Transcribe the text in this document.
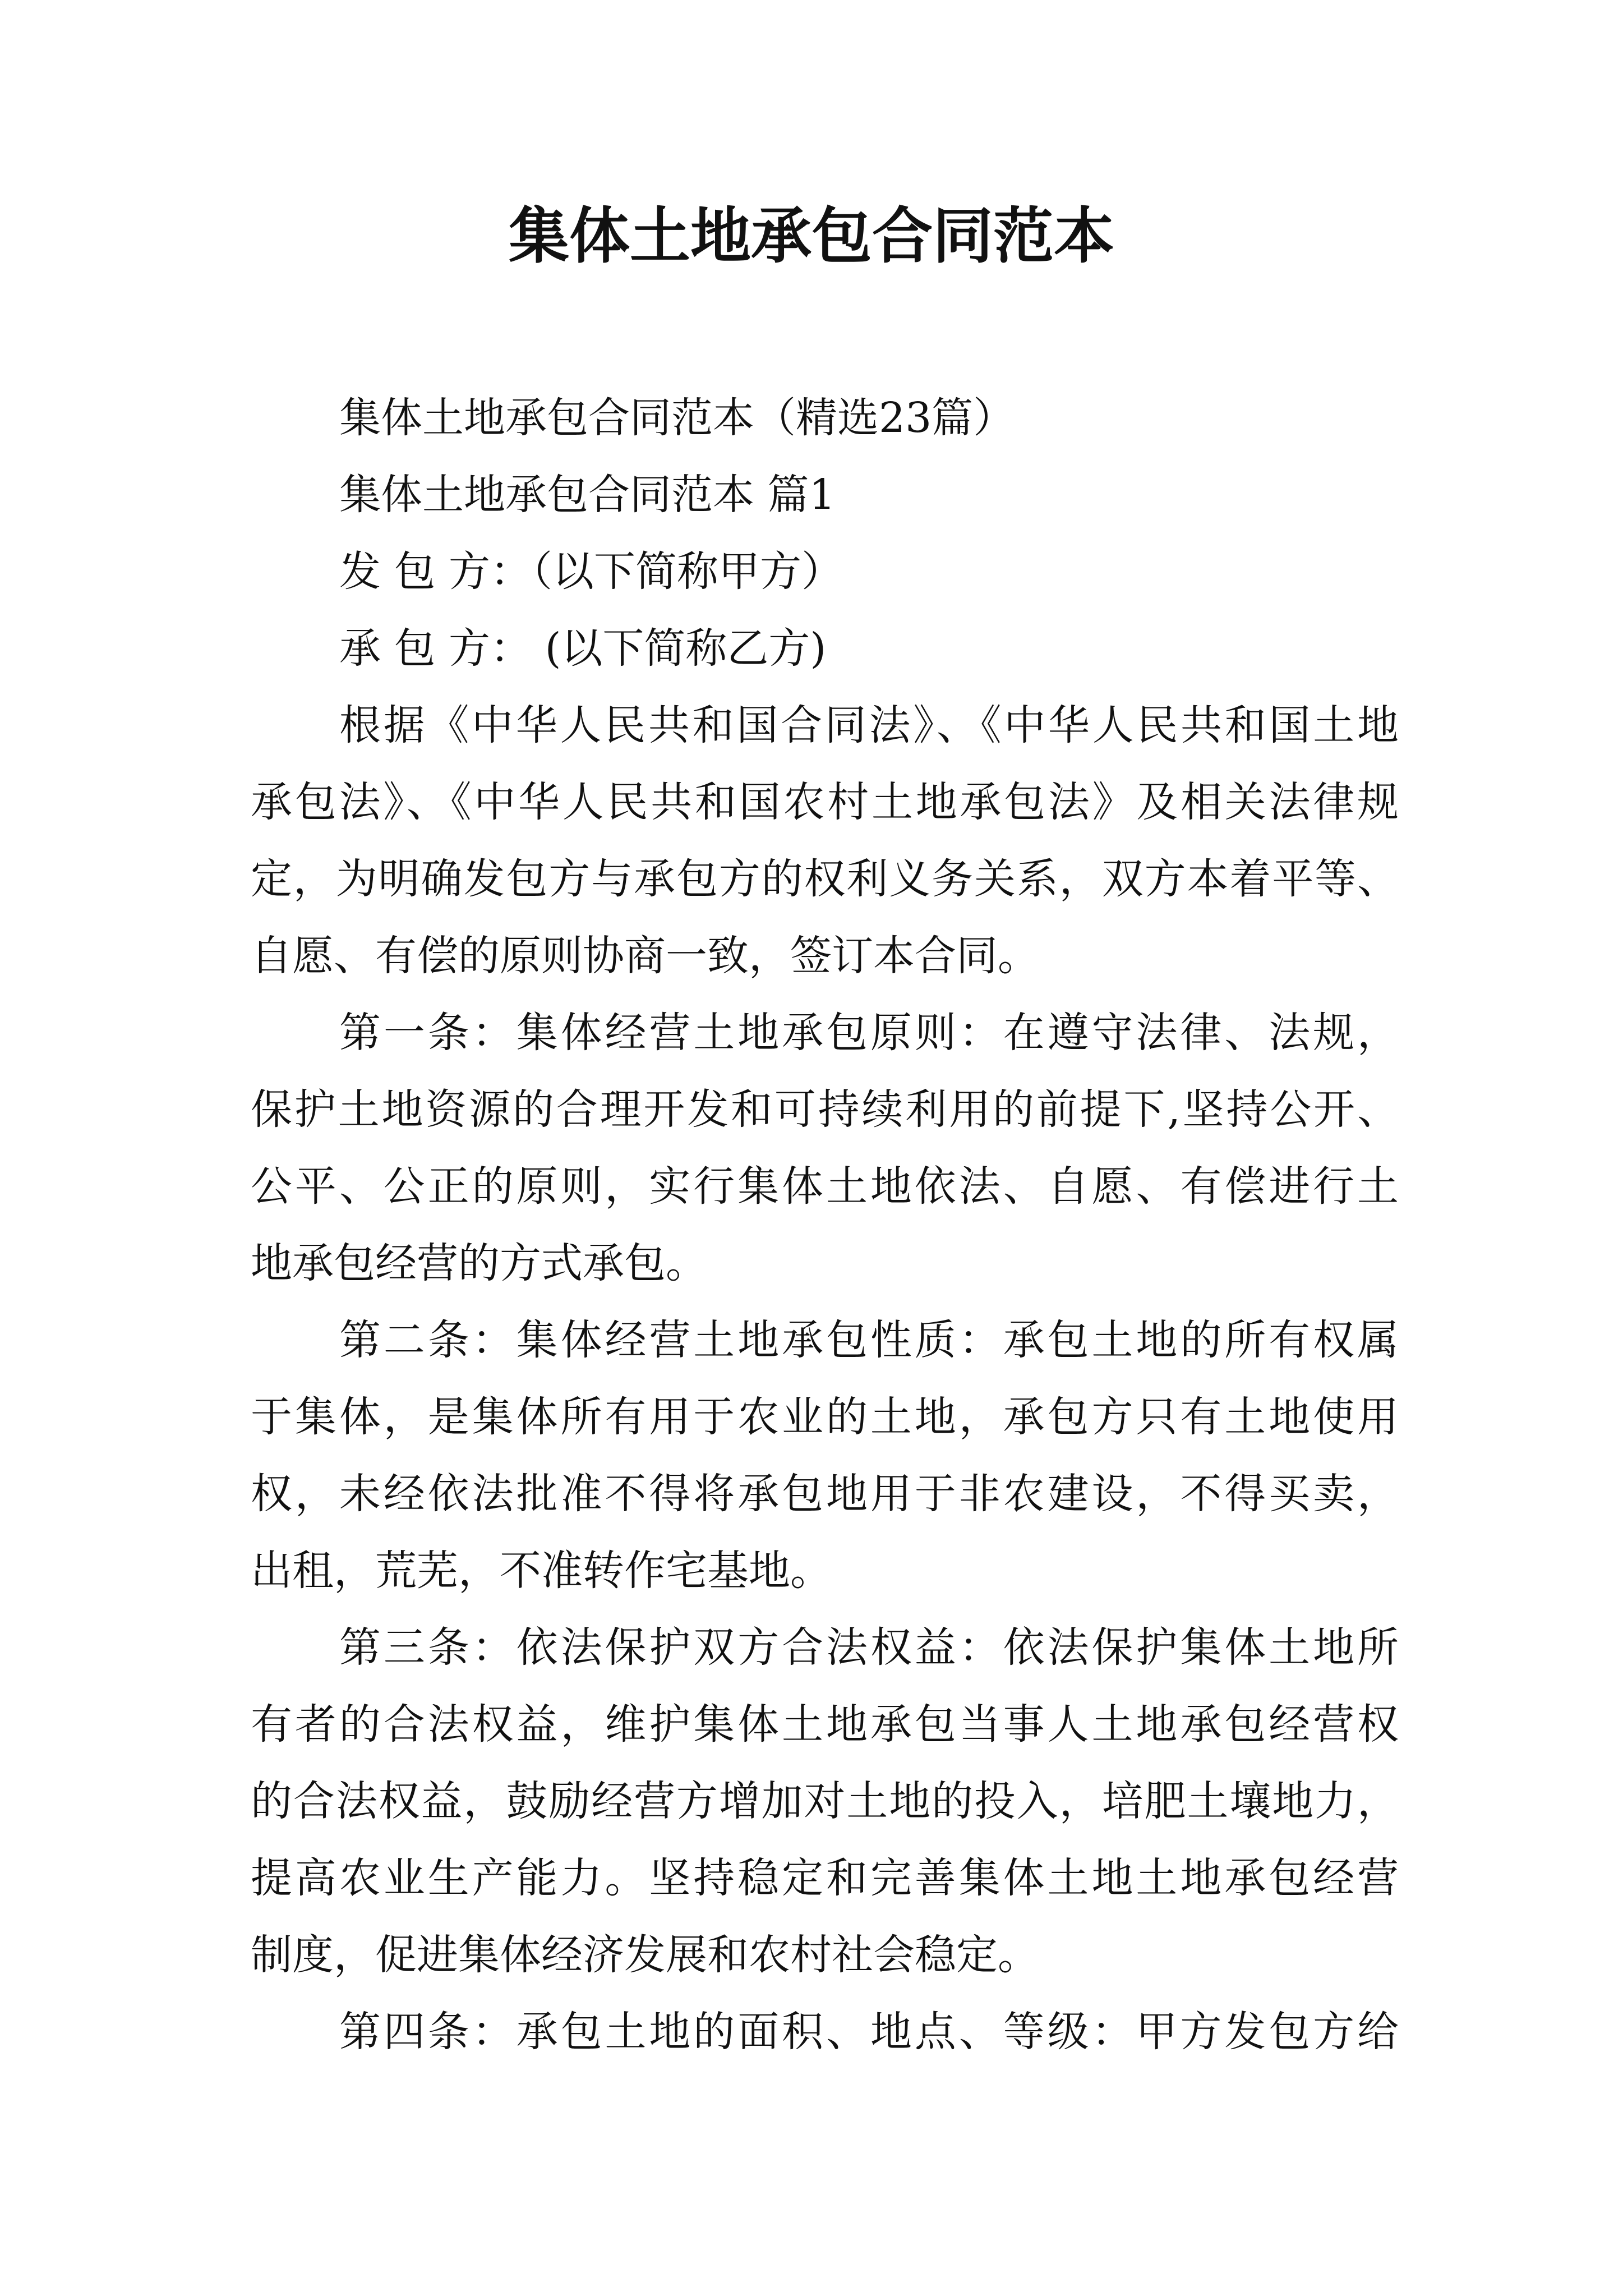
集体土地承包合同范本
集体土地承包合同范本（精选23篇）
集体土地承包合同范本 篇1
发 包 方：（以下简称甲方）
承 包 方： (以下简称乙方)
根据《中华人民共和国合同法》、《中华人民共和国土地
承包法》、《中华人民共和国农村土地承包法》及相关法律规
定，为明确发包方与承包方的权利义务关系，双方本着平等、
自愿、有偿的原则协商一致，签订本合同。
第一条：集体经营土地承包原则：在遵守法律、法规，
保护土地资源的合理开发和可持续利用的前提下,坚持公开、
公平、公正的原则，实行集体土地依法、自愿、有偿进行土
地承包经营的方式承包。
第二条：集体经营土地承包性质：承包土地的所有权属
于集体，是集体所有用于农业的土地，承包方只有土地使用
权，未经依法批准不得将承包地用于非农建设，不得买卖，
出租，荒芜，不准转作宅基地。
第三条：依法保护双方合法权益：依法保护集体土地所
有者的合法权益，维护集体土地承包当事人土地承包经营权
的合法权益，鼓励经营方增加对土地的投入，培肥土壤地力，
提高农业生产能力。坚持稳定和完善集体土地土地承包经营
制度，促进集体经济发展和农村社会稳定。
第四条：承包土地的面积、地点、等级：甲方发包方给
